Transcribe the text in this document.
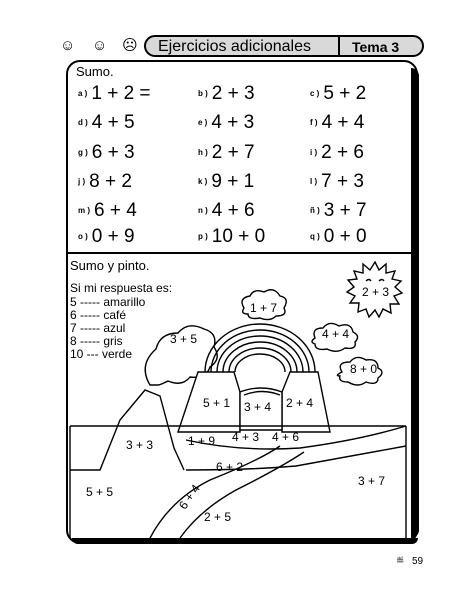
☺ ☺ ☹ Ejercicios adicionales	Tema 3
Sumo.
a ) 1 + 2 =	b ) 2 + 3	c ) 5 + 2
d ) 4 + 5	e ) 4 + 3	f ) 4 + 4
g ) 6 + 3	h ) 2 + 7	i ) 2 + 6
j ) 8 + 2	k ) 9 + 1	l ) 7 + 3
m ) 6 + 4	n ) 4 + 6	ñ ) 3 + 7
o ) 0 + 9	p ) 10 + 0	q ) 0 + 0
Sumo y pinto.
Si mi respuesta es:
5 ----- amarillo
6 ----- café
7 ----- azul
8 ----- gris
10 --- verde
2 + 3
1 + 7
4 + 4
8 + 0
3 + 5
5 + 1 3 + 4 2 + 4
3 + 3	1 + 9 4 + 3 4 + 6
6 + 2
5 + 5
3 + 7
6 + 4
2 + 5
≝ 59
